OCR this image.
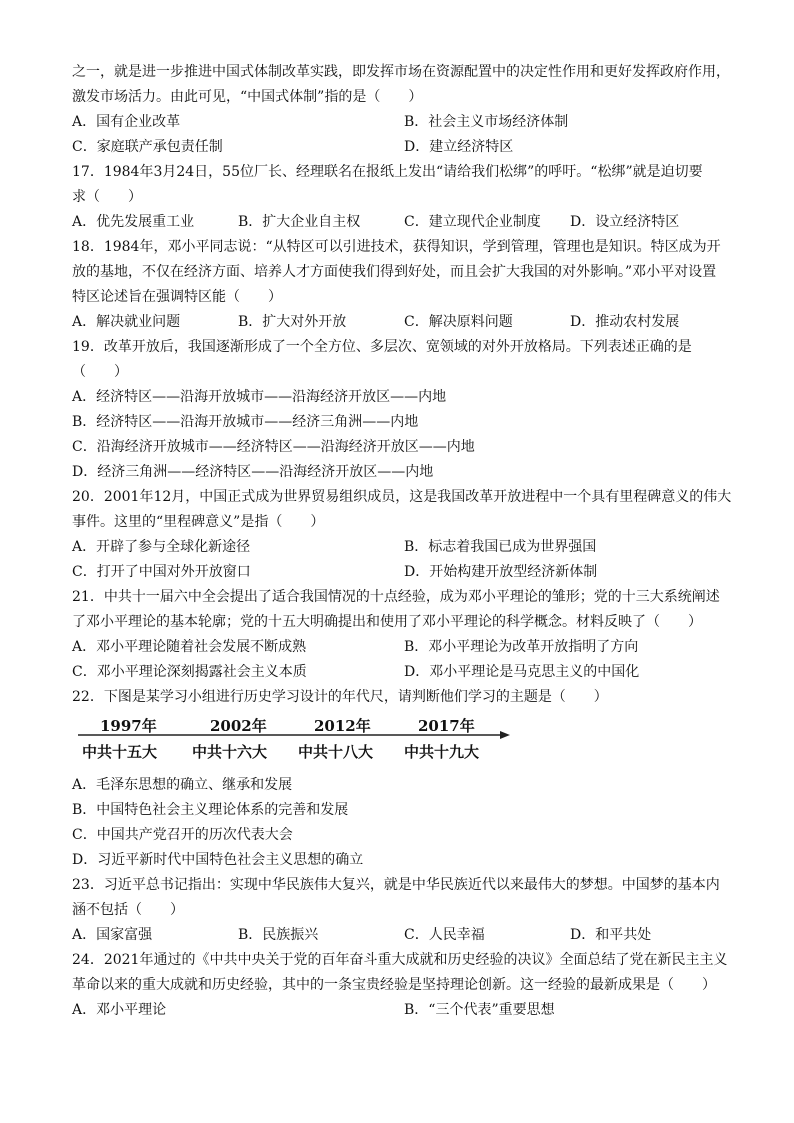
之一，就是进一步推进中国式体制改革实践，即发挥市场在资源配置中的决定性作用和更好发挥政府作用，
激发市场活力。由此可见，“中国式体制”指的是（　　）
A．国有企业改革	B．社会主义市场经济体制
C．家庭联产承包责任制	D．建立经济特区
17．1984年3月24日，55位厂长、经理联名在报纸上发出“请给我们松绑”的呼吁。“松绑”就是迫切要
求（　　）
A．优先发展重工业	B．扩大企业自主权	C．建立现代企业制度 D．设立经济特区
18．1984年，邓小平同志说：“从特区可以引进技术，获得知识，学到管理，管理也是知识。特区成为开
放的基地，不仅在经济方面、培养人才方面使我们得到好处，而且会扩大我国的对外影响。”邓小平对设置
特区论述旨在强调特区能（　　）
A．解决就业问题	B．扩大对外开放	C．解决原料问题	D．推动农村发展
19．改革开放后，我国逐渐形成了一个全方位、多层次、宽领域的对外开放格局。下列表述正确的是
（　　）
A．经济特区——沿海开放城市——沿海经济开放区——内地
B．经济特区——沿海开放城市——经济三角洲——内地
C．沿海经济开放城市——经济特区——沿海经济开放区——内地
D．经济三角洲——经济特区——沿海经济开放区——内地
20．2001年12月，中国正式成为世界贸易组织成员，这是我国改革开放进程中一个具有里程碑意义的伟大
事件。这里的“里程碑意义”是指（　　）
A．开辟了参与全球化新途径	B．标志着我国已成为世界强国
C．打开了中国对外开放窗口	D．开始构建开放型经济新体制
21．中共十一届六中全会提出了适合我国情况的十点经验，成为邓小平理论的雏形；党的十三大系统阐述
了邓小平理论的基本轮廓；党的十五大明确提出和使用了邓小平理论的科学概念。材料反映了（　　）
A．邓小平理论随着社会发展不断成熟	B．邓小平理论为改革开放指明了方向
C．邓小平理论深刻揭露社会主义本质	D．邓小平理论是马克思主义的中国化
22．下图是某学习小组进行历史学习设计的年代尺，请判断他们学习的主题是（　　）
1997年	2002年	2012年	2017年
中共十五大 中共十六大 中共十八大 中共十九大
A．毛泽东思想的确立、继承和发展
B．中国特色社会主义理论体系的完善和发展
C．中国共产党召开的历次代表大会
D．习近平新时代中国特色社会主义思想的确立
23．习近平总书记指出：实现中华民族伟大复兴，就是中华民族近代以来最伟大的梦想。中国梦的基本内
涵不包括（　　）
A．国家富强	B．民族振兴	C．人民幸福	D．和平共处
24．2021年通过的《中共中央关于党的百年奋斗重大成就和历史经验的决议》全面总结了党在新民主主义
革命以来的重大成就和历史经验，其中的一条宝贵经验是坚持理论创新。这一经验的最新成果是（　　）
A．邓小平理论	B．“三个代表”重要思想
